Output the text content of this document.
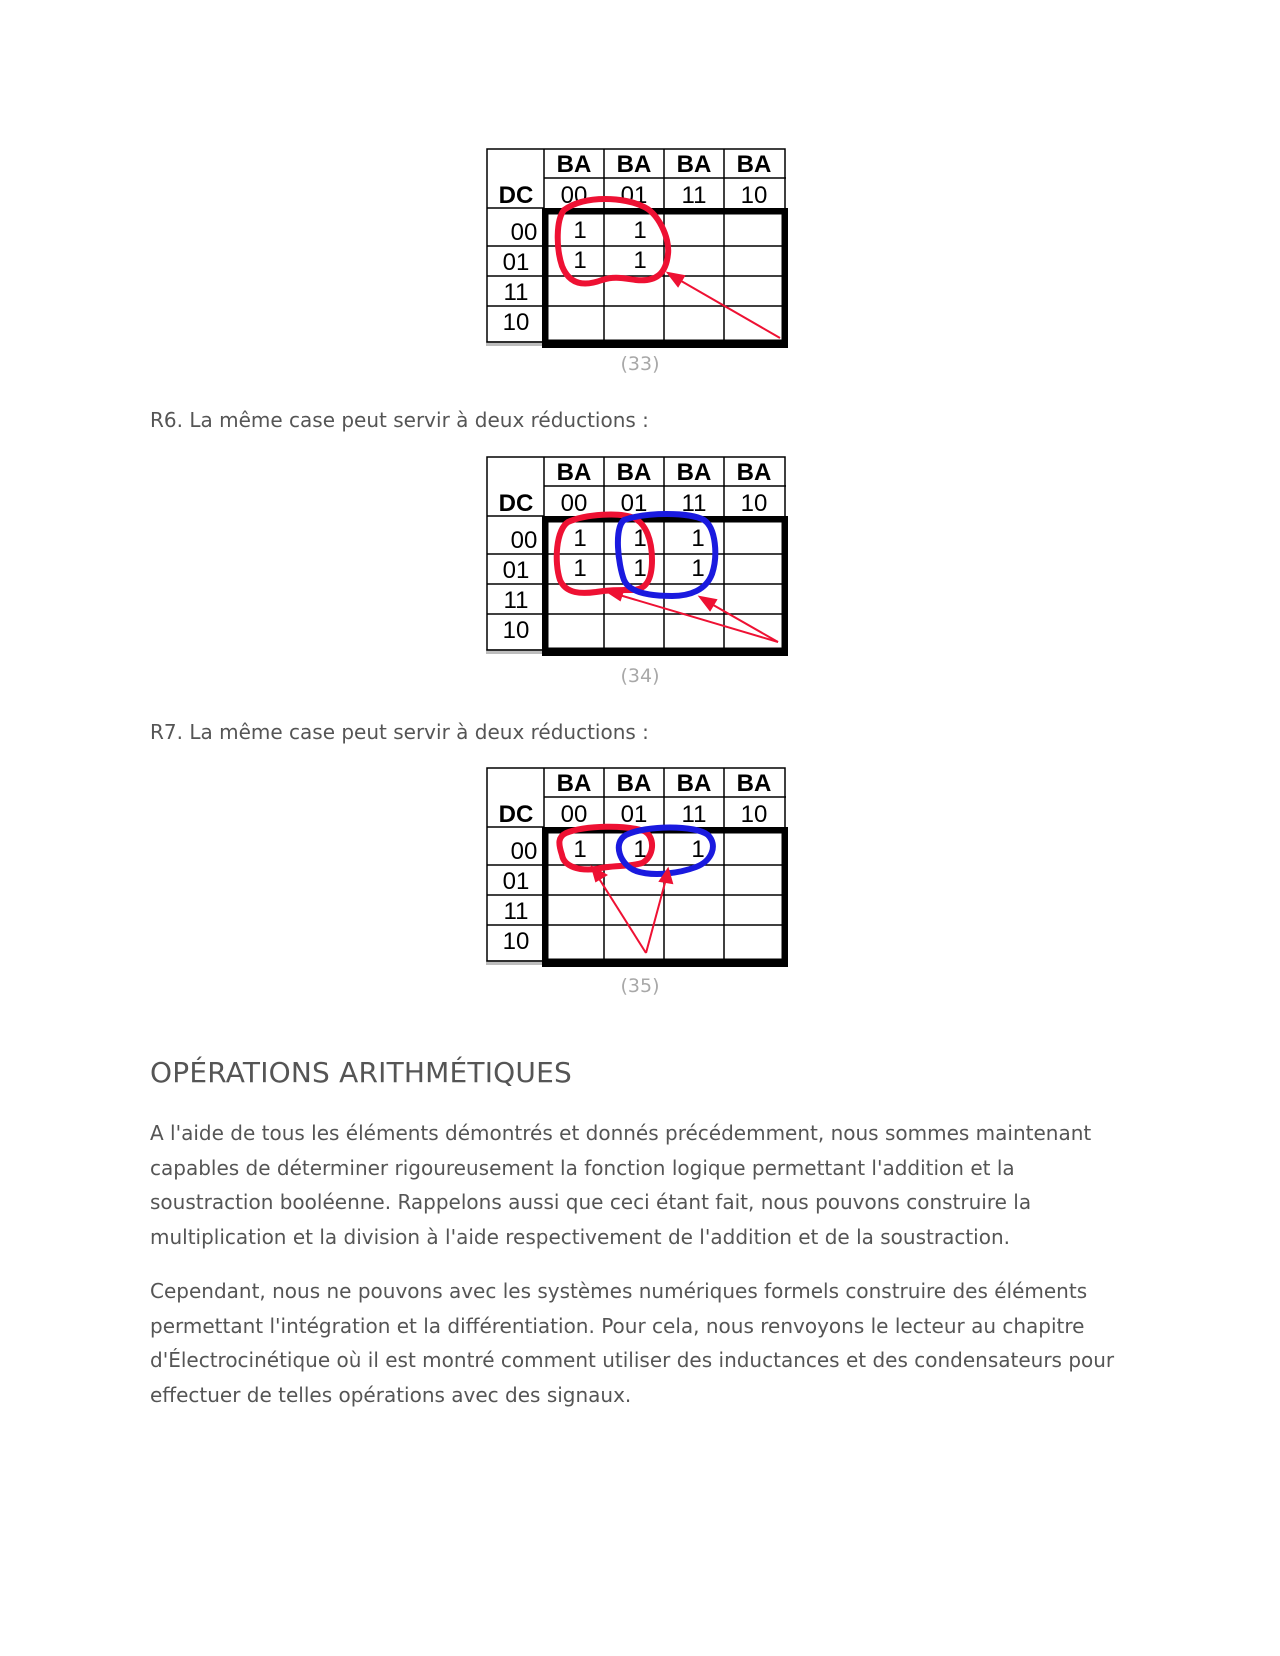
BA BA BA BA
DC 00 01 11 10
00
01
11
10
1 1
1 1
(33)
R6. La même case peut servir à deux réductions :
BA BA BA BA
DC 00 01 11 10
00
01
11
10
1 1 1
1 1 1
(34)
R7. La même case peut servir à deux réductions :
BA BA BA BA
DC 00 01 11 10
00
01
11
10
1 1 1
(35)
OPÉRATIONS ARITHMÉTIQUES

A l'aide de tous les éléments démontrés et donnés précédemment, nous sommes maintenant capables de déterminer rigoureusement la fonction logique permettant l'addition et la soustraction booléenne. Rappelons aussi que ceci étant fait, nous pouvons construire la multiplication et la division à l'aide respectivement de l'addition et de la soustraction.

Cependant, nous ne pouvons avec les systèmes numériques formels construire des éléments permettant l'intégration et la différentiation. Pour cela, nous renvoyons le lecteur au chapitre d'Électrocinétique où il est montré comment utiliser des inductances et des condensateurs pour effectuer de telles opérations avec des signaux.
